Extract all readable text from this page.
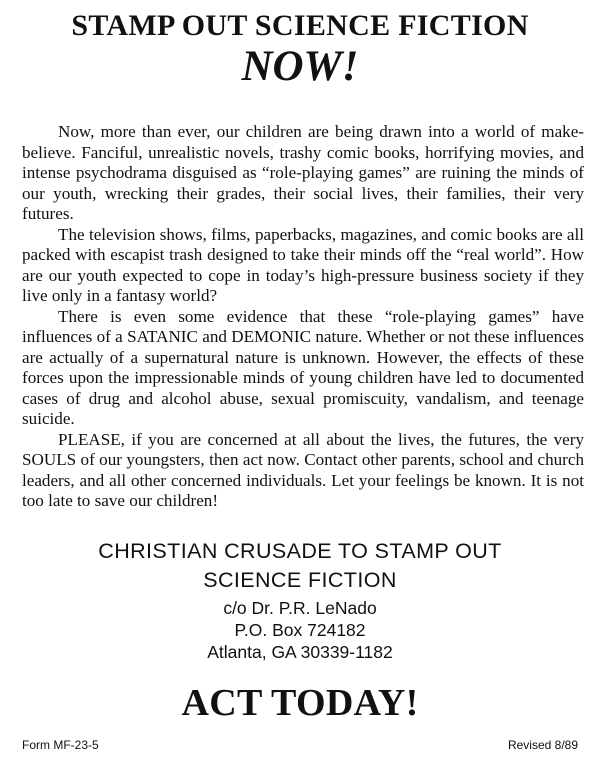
STAMP OUT SCIENCE FICTION
NOW!

Now, more than ever, our children are being drawn into a world of make-believe. Fanciful, unrealistic novels, trashy comic books, horrifying movies, and intense psychodrama disguised as “role-playing games” are ruining the minds of our youth, wrecking their grades, their social lives, their families, their very futures.

The television shows, films, paperbacks, magazines, and comic books are all packed with escapist trash designed to take their minds off the “real world”. How are our youth expected to cope in today’s high-pressure business society if they live only in a fantasy world?

There is even some evidence that these “role-playing games” have influences of a SATANIC and DEMONIC nature. Whether or not these influences are actually of a supernatural nature is unknown. However, the effects of these forces upon the impressionable minds of young children have led to documented cases of drug and alcohol abuse, sexual promiscuity, vandalism, and teenage suicide.

PLEASE, if you are concerned at all about the lives, the futures, the very SOULS of our youngsters, then act now. Contact other parents, school and church leaders, and all other concerned individuals. Let your feelings be known. It is not too late to save our children!

CHRISTIAN CRUSADE TO STAMP OUT
SCIENCE FICTION
c/o Dr. P.R. LeNado
P.O. Box 724182
Atlanta, GA 30339-1182
ACT TODAY!
Form MF-23-5	Revised 8/89
